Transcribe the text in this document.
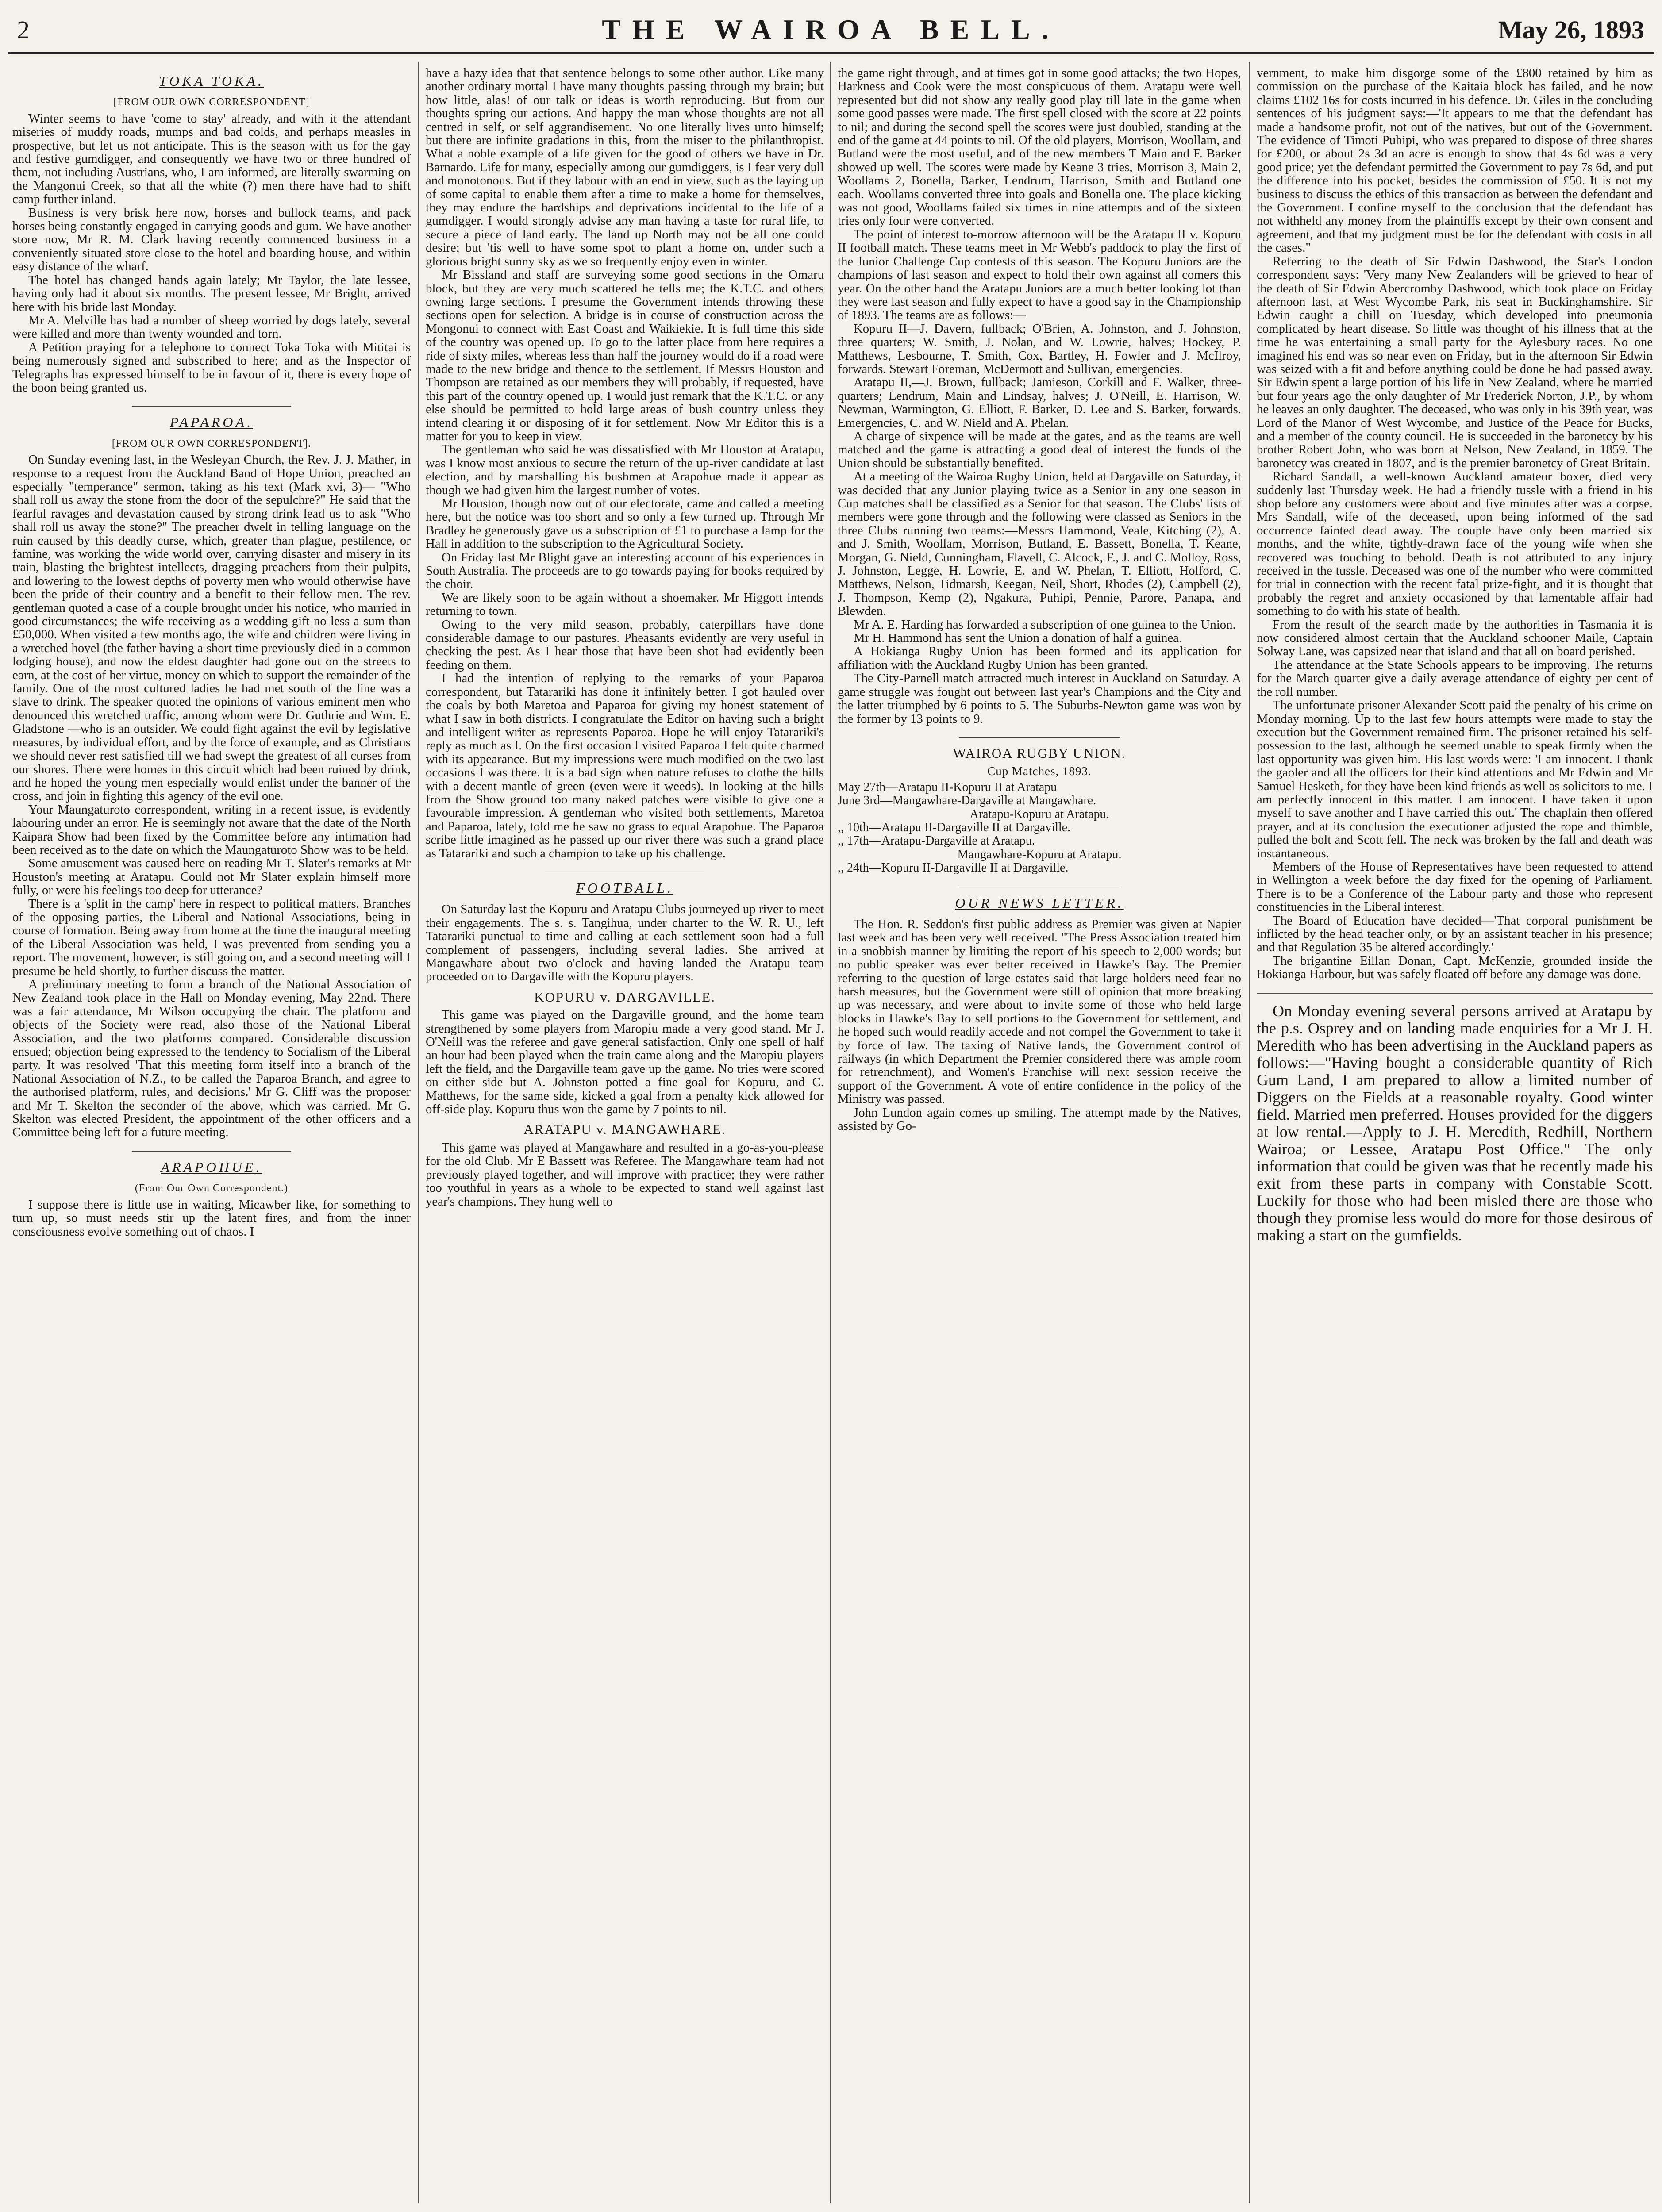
2	THE WAIROA BELL.	May 26, 1893
TOKA TOKA.
[FROM OUR OWN CORRESPONDENT]

Winter seems to have 'come to stay' already, and with it the attendant miseries of muddy roads, mumps and bad colds, and perhaps measles in prospective, but let us not anticipate. This is the season with us for the gay and festive gumdigger, and consequently we have two or three hundred of them, not including Austrians, who, I am informed, are literally swarming on the Mangonui Creek, so that all the white (?) men there have had to shift camp further inland.

Business is very brisk here now, horses and bullock teams, and pack horses being constantly engaged in carrying goods and gum. We have another store now, Mr R. M. Clark having recently commenced business in a conveniently situated store close to the hotel and boarding house, and within easy distance of the wharf.

The hotel has changed hands again lately; Mr Taylor, the late lessee, having only had it about six months. The present lessee, Mr Bright, arrived here with his bride last Monday.

Mr A. Melville has had a number of sheep worried by dogs lately, several were killed and more than twenty wounded and torn.

A Petition praying for a telephone to connect Toka Toka with Mititai is being numerously signed and subscribed to here; and as the Inspector of Telegraphs has expressed himself to be in favour of it, there is every hope of the boon being granted us.

PAPAROA.
[FROM OUR OWN CORRESPONDENT].

On Sunday evening last, in the Wesleyan Church, the Rev. J. J. Mather, in response to a request from the Auckland Band of Hope Union, preached an especially "temperance" sermon, taking as his text (Mark xvi, 3)— "Who shall roll us away the stone from the door of the sepulchre?" He said that the fearful ravages and devastation caused by strong drink lead us to ask "Who shall roll us away the stone?" The preacher dwelt in telling language on the ruin caused by this deadly curse, which, greater than plague, pestilence, or famine, was working the wide world over, carrying disaster and misery in its train, blasting the brightest intellects, dragging preachers from their pulpits, and lowering to the lowest depths of poverty men who would otherwise have been the pride of their country and a benefit to their fellow men. The rev. gentleman quoted a case of a couple brought under his notice, who married in good circumstances; the wife receiving as a wedding gift no less a sum than £50,000. When visited a few months ago, the wife and children were living in a wretched hovel (the father having a short time previously died in a common lodging house), and now the eldest daughter had gone out on the streets to earn, at the cost of her virtue, money on which to support the remainder of the family. One of the most cultured ladies he had met south of the line was a slave to drink. The speaker quoted the opinions of various eminent men who denounced this wretched traffic, among whom were Dr. Guthrie and Wm. E. Gladstone —who is an outsider. We could fight against the evil by legislative measures, by individual effort, and by the force of example, and as Christians we should never rest satisfied till we had swept the greatest of all curses from our shores. There were homes in this circuit which had been ruined by drink, and he hoped the young men especially would enlist under the banner of the cross, and join in fighting this agency of the evil one.

Your Maungaturoto correspondent, writing in a recent issue, is evidently labouring under an error. He is seemingly not aware that the date of the North Kaipara Show had been fixed by the Committee before any intimation had been received as to the date on which the Maungaturoto Show was to be held.

Some amusement was caused here on reading Mr T. Slater's remarks at Mr Houston's meeting at Aratapu. Could not Mr Slater explain himself more fully, or were his feelings too deep for utterance?

There is a 'split in the camp' here in respect to political matters. Branches of the opposing parties, the Liberal and National Associations, being in course of formation. Being away from home at the time the inaugural meeting of the Liberal Association was held, I was prevented from sending you a report. The movement, however, is still going on, and a second meeting will I presume be held shortly, to further discuss the matter.

A preliminary meeting to form a branch of the National Association of New Zealand took place in the Hall on Monday evening, May 22nd. There was a fair attendance, Mr Wilson occupying the chair. The platform and objects of the Society were read, also those of the National Liberal Association, and the two platforms compared. Considerable discussion ensued; objection being expressed to the tendency to Socialism of the Liberal party. It was resolved 'That this meeting form itself into a branch of the National Association of N.Z., to be called the Paparoa Branch, and agree to the authorised platform, rules, and decisions.' Mr G. Cliff was the proposer and Mr T. Skelton the seconder of the above, which was carried. Mr G. Skelton was elected President, the appointment of the other officers and a Committee being left for a future meeting.

ARAPOHUE.
(From Our Own Correspondent.)

I suppose there is little use in waiting, Micawber like, for something to turn up, so must needs stir up the latent fires, and from the inner consciousness evolve something out of chaos. I

have a hazy idea that that sentence belongs to some other author. Like many another ordinary mortal I have many thoughts passing through my brain; but how little, alas! of our talk or ideas is worth reproducing. But from our thoughts spring our actions. And happy the man whose thoughts are not all centred in self, or self aggrandisement. No one literally lives unto himself; but there are infinite gradations in this, from the miser to the philanthropist. What a noble example of a life given for the good of others we have in Dr. Barnardo. Life for many, especially among our gumdiggers, is I fear very dull and monotonous. But if they labour with an end in view, such as the laying up of some capital to enable them after a time to make a home for themselves, they may endure the hardships and deprivations incidental to the life of a gumdigger. I would strongly advise any man having a taste for rural life, to secure a piece of land early. The land up North may not be all one could desire; but 'tis well to have some spot to plant a home on, under such a glorious bright sunny sky as we so frequently enjoy even in winter.

Mr Bissland and staff are surveying some good sections in the Omaru block, but they are very much scattered he tells me; the K.T.C. and others owning large sections. I presume the Government intends throwing these sections open for selection. A bridge is in course of construction across the Mongonui to connect with East Coast and Waikiekie. It is full time this side of the country was opened up. To go to the latter place from here requires a ride of sixty miles, whereas less than half the journey would do if a road were made to the new bridge and thence to the settlement. If Messrs Houston and Thompson are retained as our members they will probably, if requested, have this part of the country opened up. I would just remark that the K.T.C. or any else should be permitted to hold large areas of bush country unless they intend clearing it or disposing of it for settlement. Now Mr Editor this is a matter for you to keep in view.

The gentleman who said he was dissatisfied with Mr Houston at Aratapu, was I know most anxious to secure the return of the up-river candidate at last election, and by marshalling his bushmen at Arapohue made it appear as though we had given him the largest number of votes.

Mr Houston, though now out of our electorate, came and called a meeting here, but the notice was too short and so only a few turned up. Through Mr Bradley he generously gave us a subscription of £1 to purchase a lamp for the Hall in addition to the subscription to the Agricultural Society.

On Friday last Mr Blight gave an interesting account of his experiences in South Australia. The proceeds are to go towards paying for books required by the choir.

We are likely soon to be again without a shoemaker. Mr Higgott intends returning to town.

Owing to the very mild season, probably, caterpillars have done considerable damage to our pastures. Pheasants evidently are very useful in checking the pest. As I hear those that have been shot had evidently been feeding on them.

I had the intention of replying to the remarks of your Paparoa correspondent, but Tatarariki has done it infinitely better. I got hauled over the coals by both Maretoa and Paparoa for giving my honest statement of what I saw in both districts. I congratulate the Editor on having such a bright and intelligent writer as represents Paparoa. Hope he will enjoy Tatarariki's reply as much as I. On the first occasion I visited Paparoa I felt quite charmed with its appearance. But my impressions were much modified on the two last occasions I was there. It is a bad sign when nature refuses to clothe the hills with a decent mantle of green (even were it weeds). In looking at the hills from the Show ground too many naked patches were visible to give one a favourable impression. A gentleman who visited both settlements, Maretoa and Paparoa, lately, told me he saw no grass to equal Arapohue. The Paparoa scribe little imagined as he passed up our river there was such a grand place as Tatarariki and such a champion to take up his challenge.

FOOTBALL.

On Saturday last the Kopuru and Aratapu Clubs journeyed up river to meet their engagements. The s. s. Tangihua, under charter to the W. R. U., left Tatarariki punctual to time and calling at each settlement soon had a full complement of passengers, including several ladies. She arrived at Mangawhare about two o'clock and having landed the Aratapu team proceeded on to Dargaville with the Kopuru players.

KOPURU v. DARGAVILLE.

This game was played on the Dargaville ground, and the home team strengthened by some players from Maropiu made a very good stand. Mr J. O'Neill was the referee and gave general satisfaction. Only one spell of half an hour had been played when the train came along and the Maropiu players left the field, and the Dargaville team gave up the game. No tries were scored on either side but A. Johnston potted a fine goal for Kopuru, and C. Matthews, for the same side, kicked a goal from a penalty kick allowed for off-side play. Kopuru thus won the game by 7 points to nil.

ARATAPU v. MANGAWHARE.

This game was played at Mangawhare and resulted in a go-as-you-please for the old Club. Mr E Bassett was Referee. The Mangawhare team had not previously played together, and will improve with practice; they were rather too youthful in years as a whole to be expected to stand well against last year's champions. They hung well to

the game right through, and at times got in some good attacks; the two Hopes, Harkness and Cook were the most conspicuous of them. Aratapu were well represented but did not show any really good play till late in the game when some good passes were made. The first spell closed with the score at 22 points to nil; and during the second spell the scores were just doubled, standing at the end of the game at 44 points to nil. Of the old players, Morrison, Woollam, and Butland were the most useful, and of the new members T Main and F. Barker showed up well. The scores were made by Keane 3 tries, Morrison 3, Main 2, Woollams 2, Bonella, Barker, Lendrum, Harrison, Smith and Butland one each. Woollams converted three into goals and Bonella one. The place kicking was not good, Woollams failed six times in nine attempts and of the sixteen tries only four were converted.

The point of interest to-morrow afternoon will be the Aratapu II v. Kopuru II football match. These teams meet in Mr Webb's paddock to play the first of the Junior Challenge Cup contests of this season. The Kopuru Juniors are the champions of last season and expect to hold their own against all comers this year. On the other hand the Aratapu Juniors are a much better looking lot than they were last season and fully expect to have a good say in the Championship of 1893. The teams are as follows:—

Kopuru II—J. Davern, fullback; O'Brien, A. Johnston, and J. Johnston, three quarters; W. Smith, J. Nolan, and W. Lowrie, halves; Hockey, P. Matthews, Lesbourne, T. Smith, Cox, Bartley, H. Fowler and J. McIlroy, forwards. Stewart Foreman, McDermott and Sullivan, emergencies.

Aratapu II,—J. Brown, fullback; Jamieson, Corkill and F. Walker, three-quarters; Lendrum, Main and Lindsay, halves; J. O'Neill, E. Harrison, W. Newman, Warmington, G. Elliott, F. Barker, D. Lee and S. Barker, forwards. Emergencies, C. and W. Nield and A. Phelan.

A charge of sixpence will be made at the gates, and as the teams are well matched and the game is attracting a good deal of interest the funds of the Union should be substantially benefited.

At a meeting of the Wairoa Rugby Union, held at Dargaville on Saturday, it was decided that any Junior playing twice as a Senior in any one season in Cup matches shall be classified as a Senior for that season. The Clubs' lists of members were gone through and the following were classed as Seniors in the three Clubs running two teams:—Messrs Hammond, Veale, Kitching (2), A. and J. Smith, Woollam, Morrison, Butland, E. Bassett, Bonella, T. Keane, Morgan, G. Nield, Cunningham, Flavell, C. Alcock, F., J. and C. Molloy, Ross, J. Johnston, Legge, H. Lowrie, E. and W. Phelan, T. Elliott, Holford, C. Matthews, Nelson, Tidmarsh, Keegan, Neil, Short, Rhodes (2), Campbell (2), J. Thompson, Kemp (2), Ngakura, Puhipi, Pennie, Parore, Panapa, and Blewden.

Mr A. E. Harding has forwarded a subscription of one guinea to the Union.

Mr H. Hammond has sent the Union a donation of half a guinea.

A Hokianga Rugby Union has been formed and its application for affiliation with the Auckland Rugby Union has been granted.

The City-Parnell match attracted much interest in Auckland on Saturday. A game struggle was fought out between last year's Champions and the City and the latter triumphed by 6 points to 5. The Suburbs-Newton game was won by the former by 13 points to 9.

WAIROA RUGBY UNION.
Cup Matches, 1893.
May 27th—Aratapu II-Kopuru II at Aratapu
June 3rd—Mangawhare-Dargaville at Mangawhare.
Aratapu-Kopuru at Aratapu.
,, 10th—Aratapu II-Dargaville II at Dargaville.
,, 17th—Aratapu-Dargaville at Aratapu.
Mangawhare-Kopuru at Aratapu.
,, 24th—Kopuru II-Dargaville II at Dargaville.
OUR NEWS LETTER.

The Hon. R. Seddon's first public address as Premier was given at Napier last week and has been very well received. "The Press Association treated him in a snobbish manner by limiting the report of his speech to 2,000 words; but no public speaker was ever better received in Hawke's Bay. The Premier referring to the question of large estates said that large holders need fear no harsh measures, but the Government were still of opinion that more breaking up was necessary, and were about to invite some of those who held large blocks in Hawke's Bay to sell portions to the Government for settlement, and he hoped such would readily accede and not compel the Government to take it by force of law. The taxing of Native lands, the Government control of railways (in which Department the Premier considered there was ample room for retrenchment), and Women's Franchise will next session receive the support of the Government. A vote of entire confidence in the policy of the Ministry was passed.

John Lundon again comes up smiling. The attempt made by the Natives, assisted by Go-

vernment, to make him disgorge some of the £800 retained by him as commission on the purchase of the Kaitaia block has failed, and he now claims £102 16s for costs incurred in his defence. Dr. Giles in the concluding sentences of his judgment says:—'It appears to me that the defendant has made a handsome profit, not out of the natives, but out of the Government. The evidence of Timoti Puhipi, who was prepared to dispose of three shares for £200, or about 2s 3d an acre is enough to show that 4s 6d was a very good price; yet the defendant permitted the Government to pay 7s 6d, and put the difference into his pocket, besides the commission of £50. It is not my business to discuss the ethics of this transaction as between the defendant and the Government. I confine myself to the conclusion that the defendant has not withheld any money from the plaintiffs except by their own consent and agreement, and that my judgment must be for the defendant with costs in all the cases."

Referring to the death of Sir Edwin Dashwood, the Star's London correspondent says: 'Very many New Zealanders will be grieved to hear of the death of Sir Edwin Abercromby Dashwood, which took place on Friday afternoon last, at West Wycombe Park, his seat in Buckinghamshire. Sir Edwin caught a chill on Tuesday, which developed into pneumonia complicated by heart disease. So little was thought of his illness that at the time he was entertaining a small party for the Aylesbury races. No one imagined his end was so near even on Friday, but in the afternoon Sir Edwin was seized with a fit and before anything could be done he had passed away. Sir Edwin spent a large portion of his life in New Zealand, where he married but four years ago the only daughter of Mr Frederick Norton, J.P., by whom he leaves an only daughter. The deceased, who was only in his 39th year, was Lord of the Manor of West Wycombe, and Justice of the Peace for Bucks, and a member of the county council. He is succeeded in the baronetcy by his brother Robert John, who was born at Nelson, New Zealand, in 1859. The baronetcy was created in 1807, and is the premier baronetcy of Great Britain.

Richard Sandall, a well-known Auckland amateur boxer, died very suddenly last Thursday week. He had a friendly tussle with a friend in his shop before any customers were about and five minutes after was a corpse. Mrs Sandall, wife of the deceased, upon being informed of the sad occurrence fainted dead away. The couple have only been married six months, and the white, tightly-drawn face of the young wife when she recovered was touching to behold. Death is not attributed to any injury received in the tussle. Deceased was one of the number who were committed for trial in connection with the recent fatal prize-fight, and it is thought that probably the regret and anxiety occasioned by that lamentable affair had something to do with his state of health.

From the result of the search made by the authorities in Tasmania it is now considered almost certain that the Auckland schooner Maile, Captain Solway Lane, was capsized near that island and that all on board perished.

The attendance at the State Schools appears to be improving. The returns for the March quarter give a daily average attendance of eighty per cent of the roll number.

The unfortunate prisoner Alexander Scott paid the penalty of his crime on Monday morning. Up to the last few hours attempts were made to stay the execution but the Government remained firm. The prisoner retained his self-possession to the last, although he seemed unable to speak firmly when the last opportunity was given him. His last words were: 'I am innocent. I thank the gaoler and all the officers for their kind attentions and Mr Edwin and Mr Samuel Hesketh, for they have been kind friends as well as solicitors to me. I am perfectly innocent in this matter. I am innocent. I have taken it upon myself to save another and I have carried this out.' The chaplain then offered prayer, and at its conclusion the executioner adjusted the rope and thimble, pulled the bolt and Scott fell. The neck was broken by the fall and death was instantaneous.

Members of the House of Representatives have been requested to attend in Wellington a week before the day fixed for the opening of Parliament. There is to be a Conference of the Labour party and those who represent constituencies in the Liberal interest.

The Board of Education have decided—'That corporal punishment be inflicted by the head teacher only, or by an assistant teacher in his presence; and that Regulation 35 be altered accordingly.'

The brigantine Eillan Donan, Capt. McKenzie, grounded inside the Hokianga Harbour, but was safely floated off before any damage was done.

On Monday evening several persons arrived at Aratapu by the p.s. Osprey and on landing made enquiries for a Mr J. H. Meredith who has been advertising in the Auckland papers as follows:—"Having bought a considerable quantity of Rich Gum Land, I am prepared to allow a limited number of Diggers on the Fields at a reasonable royalty. Good winter field. Married men preferred. Houses provided for the diggers at low rental.—Apply to J. H. Meredith, Redhill, Northern Wairoa; or Lessee, Aratapu Post Office." The only information that could be given was that he recently made his exit from these parts in company with Constable Scott. Luckily for those who had been misled there are those who though they promise less would do more for those desirous of making a start on the gumfields.
